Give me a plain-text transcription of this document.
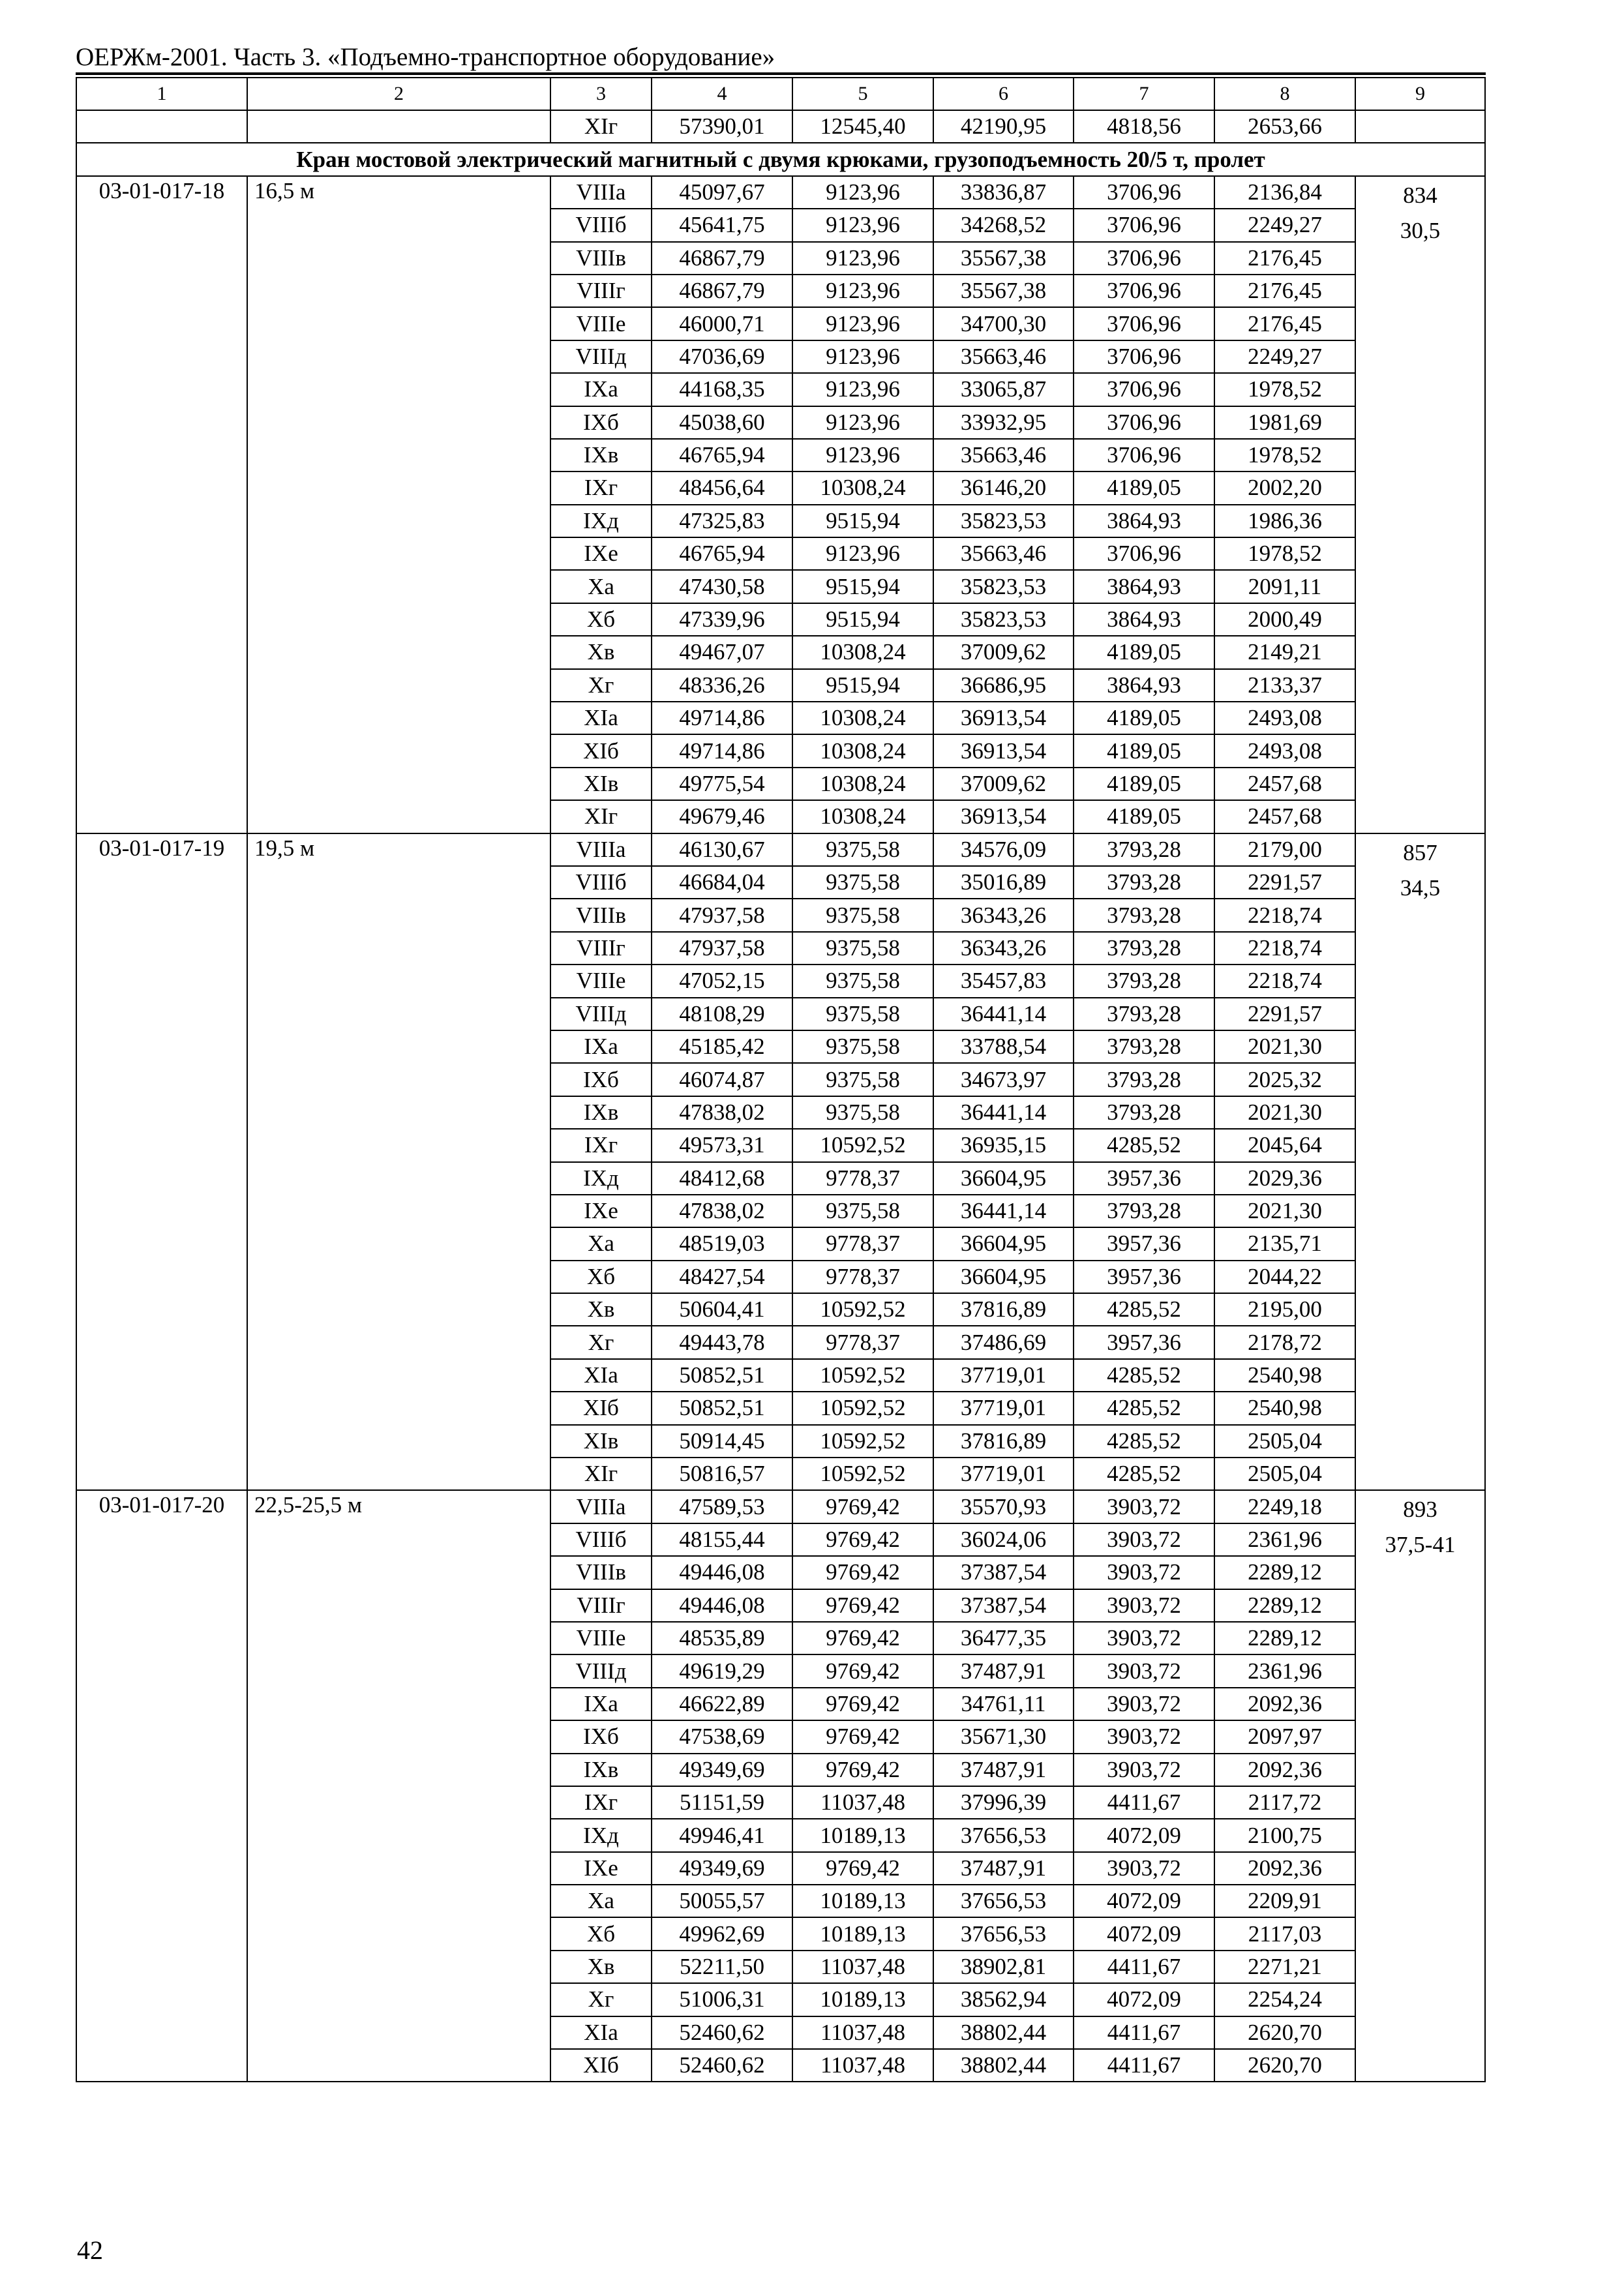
ОЕРЖм-2001. Часть 3. «Подъемно-транспортное оборудование»
1	2	3	4	5	6	7	8	9
		XIг	57390,01	12545,40	42190,95	4818,56	2653,66	
Кран мостовой электрический магнитный с двумя крюками, грузоподъемность 20/5 т, пролет								
03-01-017-18	16,5 м	VIIIa	45097,67	9123,96	33836,87	3706,96	2136,84	834
30,5

		VIIIб	45641,75	9123,96	34268,52	3706,96	2249,27	
		VIIIв	46867,79	9123,96	35567,38	3706,96	2176,45	
		VIIIг	46867,79	9123,96	35567,38	3706,96	2176,45	
		VIIIe	46000,71	9123,96	34700,30	3706,96	2176,45	
		VIIIд	47036,69	9123,96	35663,46	3706,96	2249,27	
		IXa	44168,35	9123,96	33065,87	3706,96	1978,52	
		IXб	45038,60	9123,96	33932,95	3706,96	1981,69	
		IXв	46765,94	9123,96	35663,46	3706,96	1978,52	
		IXг	48456,64	10308,24	36146,20	4189,05	2002,20	
		IXд	47325,83	9515,94	35823,53	3864,93	1986,36	
		IXe	46765,94	9123,96	35663,46	3706,96	1978,52	
		Xa	47430,58	9515,94	35823,53	3864,93	2091,11	
		Xб	47339,96	9515,94	35823,53	3864,93	2000,49	
		Xв	49467,07	10308,24	37009,62	4189,05	2149,21	
		Xг	48336,26	9515,94	36686,95	3864,93	2133,37	
		XIa	49714,86	10308,24	36913,54	4189,05	2493,08	
		XIб	49714,86	10308,24	36913,54	4189,05	2493,08	
		XIв	49775,54	10308,24	37009,62	4189,05	2457,68	
		XIг	49679,46	10308,24	36913,54	4189,05	2457,68	
03-01-017-19	19,5 м	VIIIa	46130,67	9375,58	34576,09	3793,28	2179,00	857
34,5

		VIIIб	46684,04	9375,58	35016,89	3793,28	2291,57	
		VIIIв	47937,58	9375,58	36343,26	3793,28	2218,74	
		VIIIг	47937,58	9375,58	36343,26	3793,28	2218,74	
		VIIIe	47052,15	9375,58	35457,83	3793,28	2218,74	
		VIIIд	48108,29	9375,58	36441,14	3793,28	2291,57	
		IXa	45185,42	9375,58	33788,54	3793,28	2021,30	
		IXб	46074,87	9375,58	34673,97	3793,28	2025,32	
		IXв	47838,02	9375,58	36441,14	3793,28	2021,30	
		IXг	49573,31	10592,52	36935,15	4285,52	2045,64	
		IXд	48412,68	9778,37	36604,95	3957,36	2029,36	
		IXe	47838,02	9375,58	36441,14	3793,28	2021,30	
		Xa	48519,03	9778,37	36604,95	3957,36	2135,71	
		Xб	48427,54	9778,37	36604,95	3957,36	2044,22	
		Xв	50604,41	10592,52	37816,89	4285,52	2195,00	
		Xг	49443,78	9778,37	37486,69	3957,36	2178,72	
		XIa	50852,51	10592,52	37719,01	4285,52	2540,98	
		XIб	50852,51	10592,52	37719,01	4285,52	2540,98	
		XIв	50914,45	10592,52	37816,89	4285,52	2505,04	
		XIг	50816,57	10592,52	37719,01	4285,52	2505,04	
03-01-017-20	22,5-25,5 м	VIIIa	47589,53	9769,42	35570,93	3903,72	2249,18	893
37,5-41

		VIIIб	48155,44	9769,42	36024,06	3903,72	2361,96	
		VIIIв	49446,08	9769,42	37387,54	3903,72	2289,12	
		VIIIг	49446,08	9769,42	37387,54	3903,72	2289,12	
		VIIIe	48535,89	9769,42	36477,35	3903,72	2289,12	
		VIIIд	49619,29	9769,42	37487,91	3903,72	2361,96	
		IXa	46622,89	9769,42	34761,11	3903,72	2092,36	
		IXб	47538,69	9769,42	35671,30	3903,72	2097,97	
		IXв	49349,69	9769,42	37487,91	3903,72	2092,36	
		IXг	51151,59	11037,48	37996,39	4411,67	2117,72	
		IXд	49946,41	10189,13	37656,53	4072,09	2100,75	
		IXe	49349,69	9769,42	37487,91	3903,72	2092,36	
		Xa	50055,57	10189,13	37656,53	4072,09	2209,91	
		Xб	49962,69	10189,13	37656,53	4072,09	2117,03	
		Xв	52211,50	11037,48	38902,81	4411,67	2271,21	
		Xг	51006,31	10189,13	38562,94	4072,09	2254,24	
		XIa	52460,62	11037,48	38802,44	4411,67	2620,70	
		XIб	52460,62	11037,48	38802,44	4411,67	2620,70	
42
